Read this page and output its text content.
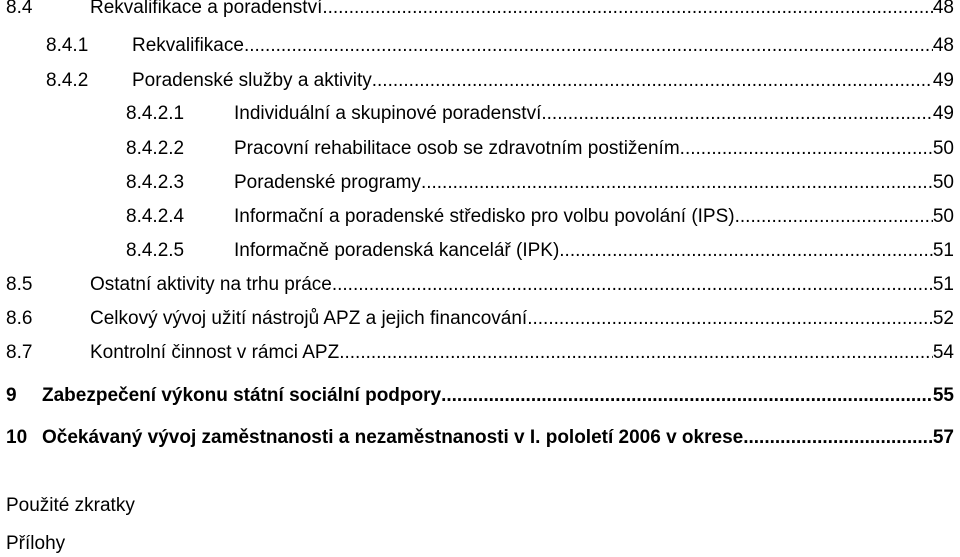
8.4	Rekvalifikace a poradenství .....	48
8.4.1	Rekvalifikace .....	48
8.4.2	Poradenské služby a aktivity .....	49
8.4.2.1	Individuální a skupinové poradenství .....	49
8.4.2.2	Pracovní rehabilitace osob se zdravotním postižením .....	50
8.4.2.3	Poradenské programy .....	50
8.4.2.4	Informační a poradenské středisko pro volbu povolání (IPS) .....	50
8.4.2.5	Informačně poradenská kancelář (IPK) .....	51
8.5	Ostatní aktivity na trhu práce .....	51
8.6	Celkový vývoj užití nástrojů APZ a jejich financování .....	52
8.7	Kontrolní činnost v rámci APZ .....	54
9	Zabezpečení výkonu státní sociální podpory .....	55
10 Očekávaný vývoj zaměstnanosti a nezaměstnanosti v I. pololetí 2006 v okrese .....	57
Použité zkratky
Přílohy
